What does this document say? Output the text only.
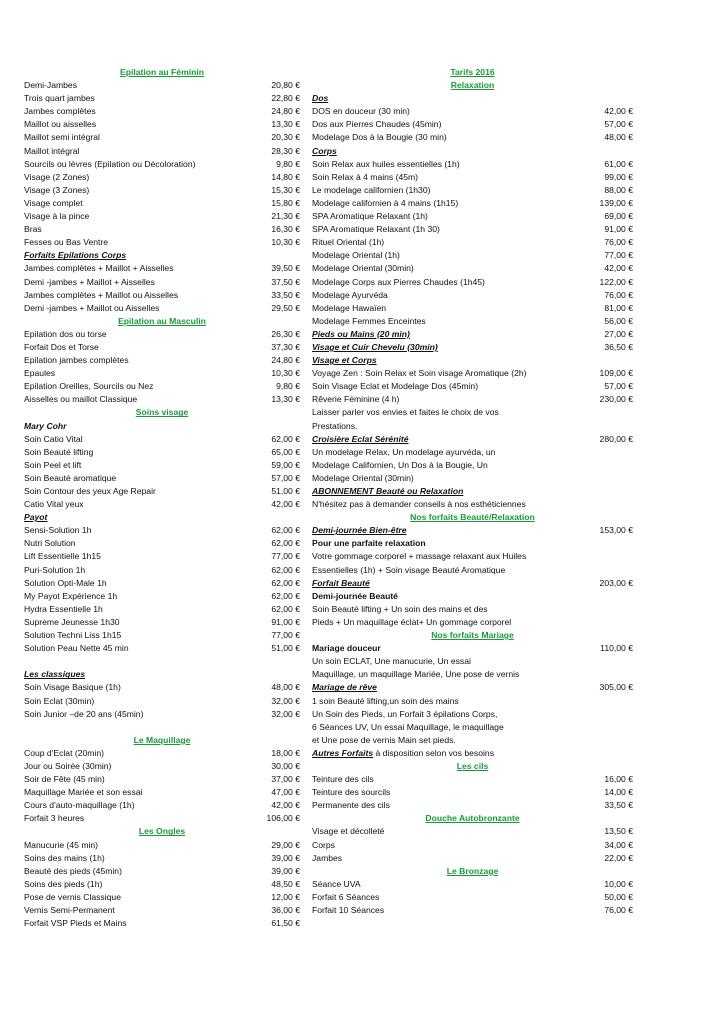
Epilation au Féminin
Demi-Jambes	20,80 €
Trois quart jambes	22,80 €
Jambes complètes	24,80 €
Maillot ou aisselles	13,30 €
Maillot semi intégral	20,30 €
Maillot intégral	28,30 €
Sourcils ou lèvres (Epilation ou Décoloration)	9,80 €
Visage (2 Zones)	14,80 €
Visage (3 Zones)	15,30 €
Visage complet	15,80 €
Visage à la pince	21,30 €
Bras	16,30 €
Fesses ou Bas Ventre	10,30 €
Forfaits Epilations Corps
Jambes complètes + Maillot + Aisselles	39,50 €
Demi -jambes + Maillot + Aisselles	37,50 €
Jambes complètes + Maillot ou Aisselles	33,50 €
Demi -jambes + Maillot ou Aisselles	29,50 €
Epilation au Masculin
Epilation dos ou torse	26,30 €
Forfait Dos et Torse	37,30 €
Epilation jambes complètes	24,80 €
Epaules	10,30 €
Epilation Oreilles, Sourcils ou Nez	9,80 €
Aisselles ou maillot Classique	13,30 €
Soins visage
Mary Cohr
Soin Catio Vital	62,00 €
Soin Beauté lifting	65,00 €
Soin Peel et lift	59,00 €
Soin Beauté aromatique	57,00 €
Soin Contour des yeux Age Repair	51,00 €
Catio Vital yeux	42,00 €
Payot
Sensi-Solution 1h	62,00 €
Nutri Solution	62,00 €
Lift Essentielle 1h15	77,00 €
Puri-Solution 1h	62,00 €
Solution Opti-Male 1h	62,00 €
My Payot Expérience 1h	62,00 €
Hydra Essentielle 1h	62,00 €
Supreme Jeunesse 1h30	91,00 €
Solution Techni Liss 1h15	77,00 €
Solution Peau Nette 45 min	51,00 €
Les classiques
Soin Visage Basique (1h)	48,00 €
Soin Eclat (30min)	32,00 €
Soin Junior –de 20 ans (45min)	32,00 €
Le Maquillage
Coup d'Eclat (20min)	18,00 €
Jour ou Soirée (30min)	30,00 €
Soir de Fête (45 min)	37,00 €
Maquillage Mariée et son essai	47,00 €
Cours d'auto-maquillage (1h)	42,00 €
Forfait 3 heures	106,00 €
Les Ongles
Manucurie (45 min)	29,00 €
Soins des mains (1h)	39,00 €
Beauté des pieds (45min)	39,00 €
Soins des pieds (1h)	48,50 €
Pose de vernis Classique	12,00 €
Vernis Semi-Permanent	36,00 €
Forfait VSP Pieds et Mains	61,50 €
Tarifs 2016
Relaxation
Dos
DOS en douceur (30 min)	42,00 €
Dos aux Pierres Chaudes (45min)	57,00 €
Modelage Dos à la Bougie (30 min)	48,00 €
Corps
Soin Relax aux huiles essentielles (1h)	61,00 €
Soin Relax à 4 mains (45m)	99,00 €
Le modelage californien (1h30)	88,00 €
Modelage californien à 4 mains (1h15)	139,00 €
SPA Aromatique Relaxant (1h)	69,00 €
SPA Aromatique Relaxant (1h 30)	91,00 €
Rituel Oriental (1h)	76,00 €
Modelage Oriental (1h)	77,00 €
Modelage Oriental (30min)	42,00 €
Modelage Corps aux Pierres Chaudes (1h45)	122,00 €
Modelage Ayurvéda	76,00 €
Modelage Hawaïen	81,00 €
Modelage Femmes Enceintes	56,00 €
Pieds ou Mains (20 min)	27,00 €
Visage et Cuir Chevelu (30min)	36,50 €
Visage et Corps
Voyage Zen : Soin Relax et Soin visage Aromatique (2h)	109,00 €
Soin Visage Eclat et Modelage Dos (45min)	57,00 €
Rêverie Féminine (4 h)	230,00 €
Laisser parler vos envies et faites le choix de vos
Prestations.
Croisière Eclat Sérénité	280,00 €
Un modelage Relax, Un modelage ayurvéda, un
Modelage Californien, Un Dos à la Bougie, Un
Modelage Oriental (30min)
ABONNEMENT Beauté ou Relaxation
N'hésitez pas à demander conseils à nos esthéticiennes
Nos forfaits Beauté/Relaxation
Demi-journée Bien-être	153,00 €
Pour une parfaite relaxation
Votre gommage corporel + massage relaxant aux Huiles
Essentielles (1h) + Soin visage Beauté Aromatique
Forfait Beauté	203,00 €
Demi-journée Beauté
Soin Beauté lifting + Un soin des mains et des
Pieds + Un maquillage éclat+ Un gommage corporel
Nos forfaits Mariage
Mariage douceur	110,00 €
Un soin ECLAT, Une manucurie, Un essai
Maquillage, un maquillage Mariée, Une pose de vernis
Mariage de rêve	305,00 €
1 soin Beauté lifting,un soin des mains
Un Soin des Pieds, un Forfait 3 épilations Corps,
6 Séances UV, Un essai Maquillage, le maquillage
et Une pose de vernis Main set pieds.
Autres Forfaits à disposition selon vos besoins
Les cils
Teinture des cils	16,00 €
Teinture des sourcils	14,00 €
Permanente des cils	33,50 €
Douche Autobronzante
Visage et décolleté	13,50 €
Corps	34,00 €
Jambes	22,00 €
Le Bronzage
Séance UVA	10,00 €
Forfait 6 Séances	50,00 €
Forfait 10 Séances	76,00 €
